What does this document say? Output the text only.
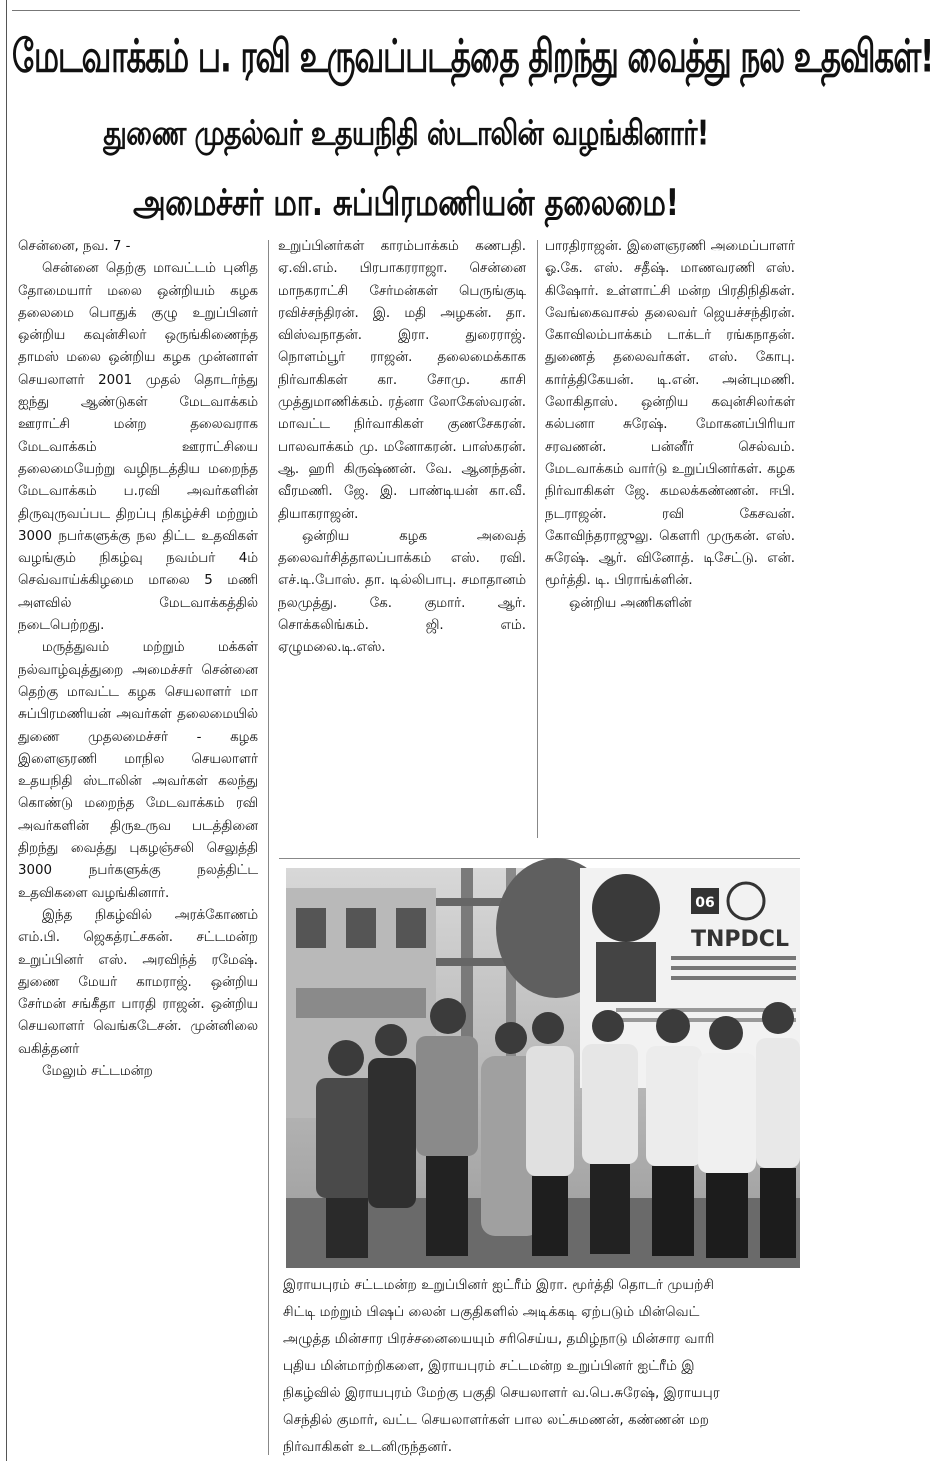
மேடவாக்கம் ப. ரவி உருவப்படத்தை திறந்து வைத்து நல உதவிகள்!
துணை முதல்வர் உதயநிதி ஸ்டாலின் வழங்கினார்!
அமைச்சர் மா. சுப்பிரமணியன் தலைமை!

சென்னை, நவ. 7 -

சென்னை தெற்கு மாவட்டம் புனித தோமையார் மலை ஒன்றியம் கழக தலைமை பொதுக் குழு உறுப்பினர் ஒன்றிய கவுன்சிலர் ஒருங்கிணைந்த தாமஸ் மலை ஒன்றிய கழக முன்னாள் செயலாளர் 2001 முதல் தொடர்ந்து ஐந்து ஆண்டுகள் மேடவாக்கம் ஊராட்சி மன்ற தலைவராக மேடவாக்கம் ஊராட்சியை தலைமையேற்று வழிநடத்திய மறைந்த மேடவாக்கம் ப.ரவி அவர்களின் திருவுருவப்பட திறப்பு நிகழ்ச்சி மற்றும் 3000 நபர்களுக்கு நல திட்ட உதவிகள் வழங்கும் நிகழ்வு நவம்பர் 4ம் செவ்வாய்க்கிழமை மாலை 5 மணி அளவில் மேடவாக்கத்தில் நடைபெற்றது.

மருத்துவம் மற்றும் மக்கள் நல்வாழ்வுத்துறை அமைச்சர் சென்னை தெற்கு மாவட்ட கழக செயலாளர் மா சுப்பிரமணியன் அவர்கள் தலைமையில் துணை முதலமைச்சர் - கழக இளைஞரணி மாநில செயலாளர் உதயநிதி ஸ்டாலின் அவர்கள் கலந்து கொண்டு மறைந்த மேடவாக்கம் ரவி அவர்களின் திருஉருவ படத்தினை திறந்து வைத்து புகழஞ்சலி செலுத்தி 3000 நபர்களுக்கு நலத்திட்ட உதவிகளை வழங்கினார்.

இந்த நிகழ்வில் அரக்கோணம் எம்.பி. ஜெகத்ரட்சகன். சட்டமன்ற உறுப்பினர் எஸ். அரவிந்த் ரமேஷ். துணை மேயர் காமராஜ். ஒன்றிய சேர்மன் சங்கீதா பாரதி ராஜன். ஒன்றிய செயலாளர் வெங்கடேசன். முன்னிலை வகித்தனர்

மேலும் சட்டமன்ற

உறுப்பினர்கள் காரம்பாக்கம் கணபதி. ஏ.வி.எம். பிரபாகரராஜா. சென்னை மாநகராட்சி சேர்மன்கள் பெருங்குடி ரவிச்சந்திரன். இ. மதி அழகன். தா. விஸ்வநாதன். இரா. துரைராஜ். நொளம்பூர் ராஜன். தலைமைக்காக நிர்வாகிகள் கா. சோமு. காசி முத்துமாணிக்கம். ரத்னா லோகேஸ்வரன். மாவட்ட நிர்வாகிகள் குணசேகரன். பாலவாக்கம் மு. மனோகரன். பாஸ்கரன். ஆ. ஹரி கிருஷ்ணன். வே. ஆனந்தன். வீரமணி. ஜே. இ. பாண்டியன் கா.வீ. தியாகராஜன்.

ஒன்றிய கழக அவைத் தலைவர்சித்தாலப்பாக்கம் எஸ். ரவி. எச்.டி.போஸ். தா. டில்லிபாபு. சமாதானம் நலமுத்து. கே. குமார். ஆர். சொக்கலிங்கம். ஜி. எம். ஏழுமலை.டி.எஸ்.

பாரதிராஜன். இளைஞரணி அமைப்பாளர் ஓ.கே. எஸ். சதீஷ். மாணவரணி எஸ். கிஷோர். உள்ளாட்சி மன்ற பிரதிநிதிகள். வேங்கைவாசல் தலைவர் ஜெயச்சந்திரன். கோவிலம்பாக்கம் டாக்டர் ரங்கநாதன். துணைத் தலைவர்கள். எஸ். கோபு. கார்த்திகேயன். டி.என். அன்புமணி. லோகிதாஸ். ஒன்றிய கவுன்சிலர்கள் கல்பனா சுரேஷ். மோகனப்பிரியா சரவணன். பன்னீர் செல்வம். மேடவாக்கம் வார்டு உறுப்பினர்கள். கழக நிர்வாகிகள் ஜே. கமலக்கண்ணன். ஈபி. நடராஜன். ரவி கேசவன். கோவிந்தராஜுலு. கௌரி முருகன். எஸ். சுரேஷ். ஆர். வினோத். டிசேட்டு. என். மூர்த்தி. டி. பிராங்க்ளின்.

ஒன்றிய அணிகளின்

06
TNPDCL
இராயபுரம் சட்டமன்ற உறுப்பினர் ஐட்ரீம் இரா. மூர்த்தி தொடர் முயற்சி
சிட்டி மற்றும் பிஷப் லைன் பகுதிகளில் அடிக்கடி ஏற்படும் மின்வெட்
அழுத்த மின்சார பிரச்சனையையும் சரிசெய்ய, தமிழ்நாடு மின்சார வாரி
புதிய மின்மாற்றிகளை, இராயபுரம் சட்டமன்ற உறுப்பினர் ஐட்ரீம் இ
நிகழ்வில் இராயபுரம் மேற்கு பகுதி செயலாளர் வ.பெ.சுரேஷ், இராயபுர
செந்தில் குமார், வட்ட செயலாளர்கள் பால லட்சுமணன், கண்ணன் மற
நிர்வாகிகள் உடனிருந்தனர்.
